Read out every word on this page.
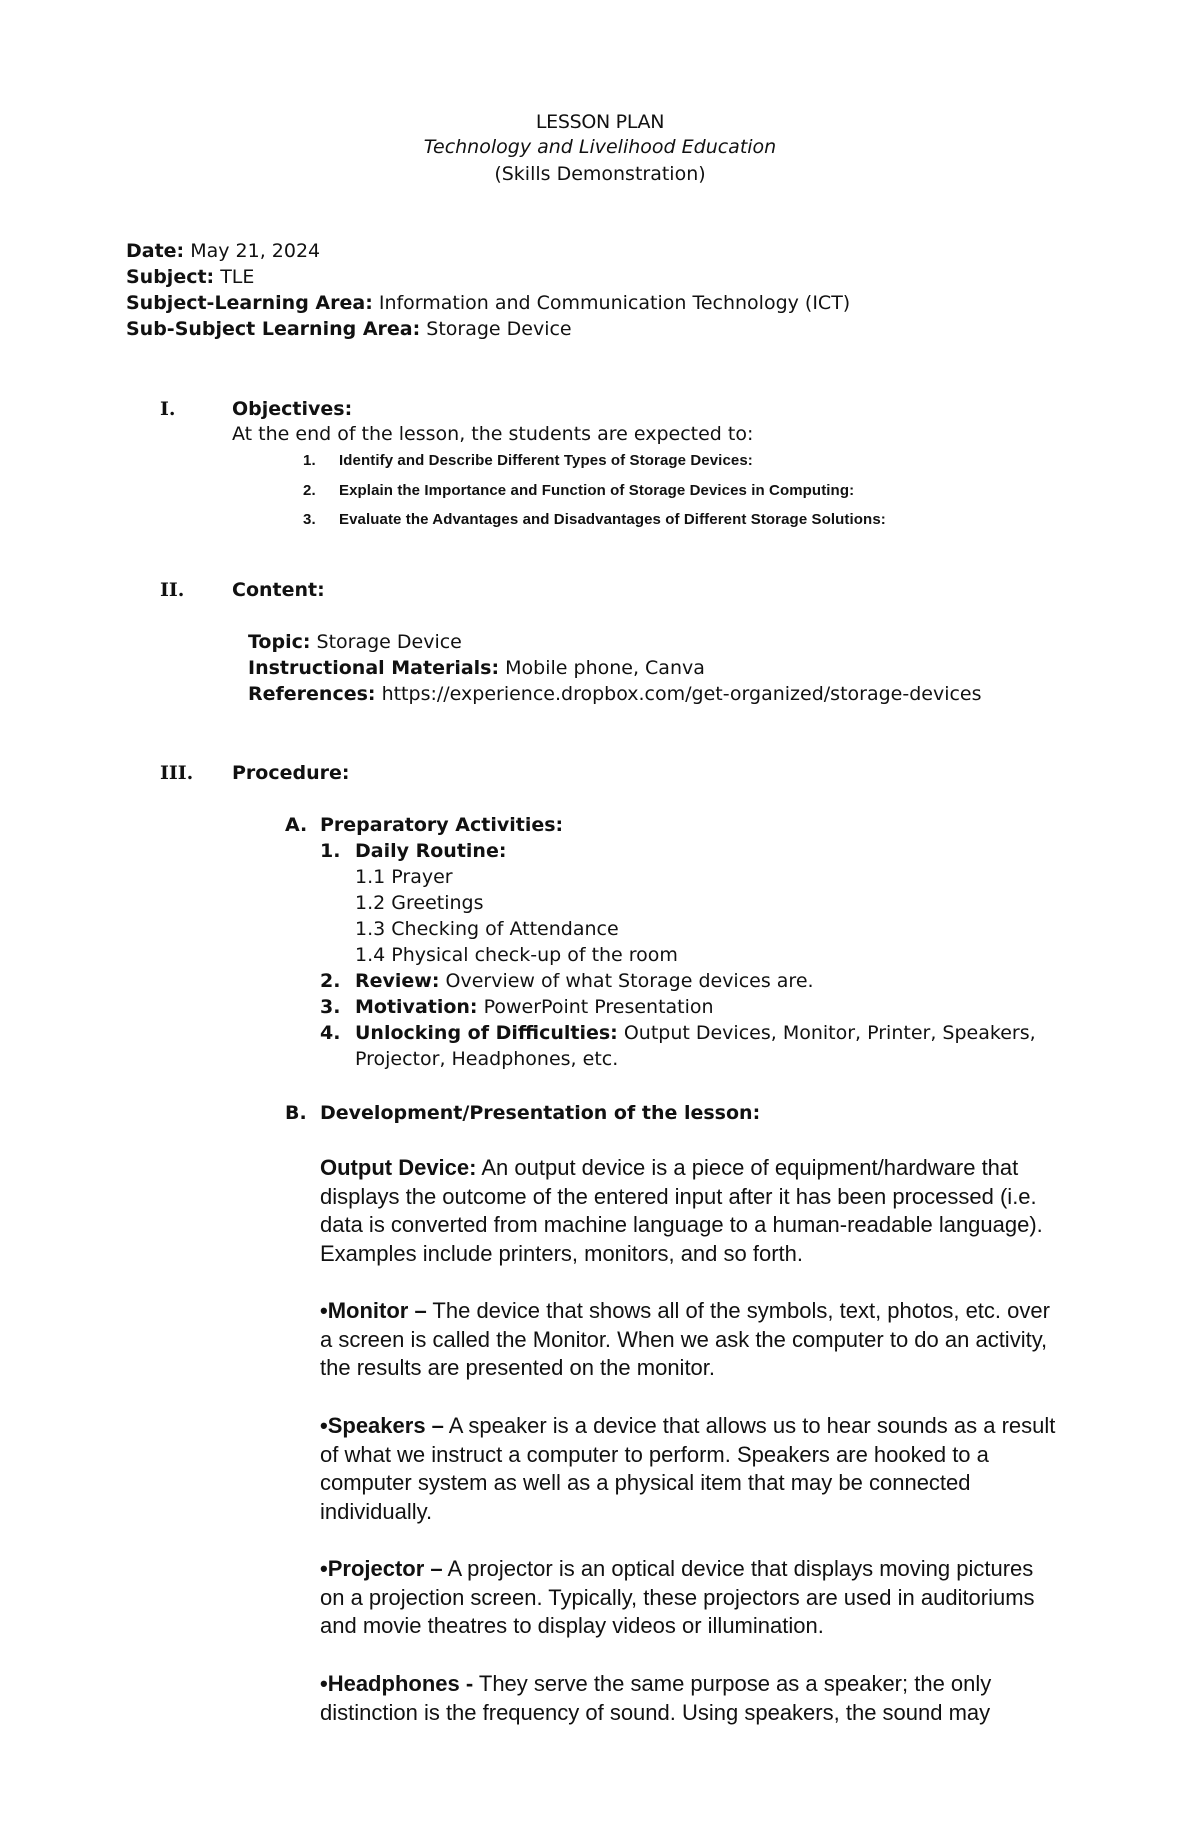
LESSON PLAN
Technology and Livelihood Education
(Skills Demonstration)
Date: May 21, 2024
Subject: TLE
Subject-Learning Area: Information and Communication Technology (ICT)
Sub-Subject Learning Area: Storage Device
I.	Objectives:
At the end of the lesson, the students are expected to:
1. Identify and Describe Different Types of Storage Devices:
2. Explain the Importance and Function of Storage Devices in Computing:
3. Evaluate the Advantages and Disadvantages of Different Storage Solutions:
II.	Content:
Topic: Storage Device
Instructional Materials: Mobile phone, Canva
References: https://experience.dropbox.com/get-organized/storage-devices
III. Procedure:
A. Preparatory Activities:
1. Daily Routine:
1.1 Prayer
1.2 Greetings
1.3 Checking of Attendance
1.4 Physical check-up of the room
2. Review: Overview of what Storage devices are.
3. Motivation: PowerPoint Presentation
4. Unlocking of Difficulties: Output Devices, Monitor, Printer, Speakers,
Projector, Headphones, etc.
B. Development/Presentation of the lesson:
Output Device: An output device is a piece of equipment/hardware that displays the outcome of the entered input after it has been processed (i.e. data is converted from machine language to a human-readable language). Examples include printers, monitors, and so forth.
•Monitor – The device that shows all of the symbols, text, photos, etc. over a screen is called the Monitor. When we ask the computer to do an activity, the results are presented on the monitor.
•Speakers – A speaker is a device that allows us to hear sounds as a result of what we instruct a computer to perform. Speakers are hooked to a computer system as well as a physical item that may be connected individually.
•Projector – A projector is an optical device that displays moving pictures on a projection screen. Typically, these projectors are used in auditoriums and movie theatres to display videos or illumination.
•Headphones - They serve the same purpose as a speaker; the only distinction is the frequency of sound. Using speakers, the sound may
